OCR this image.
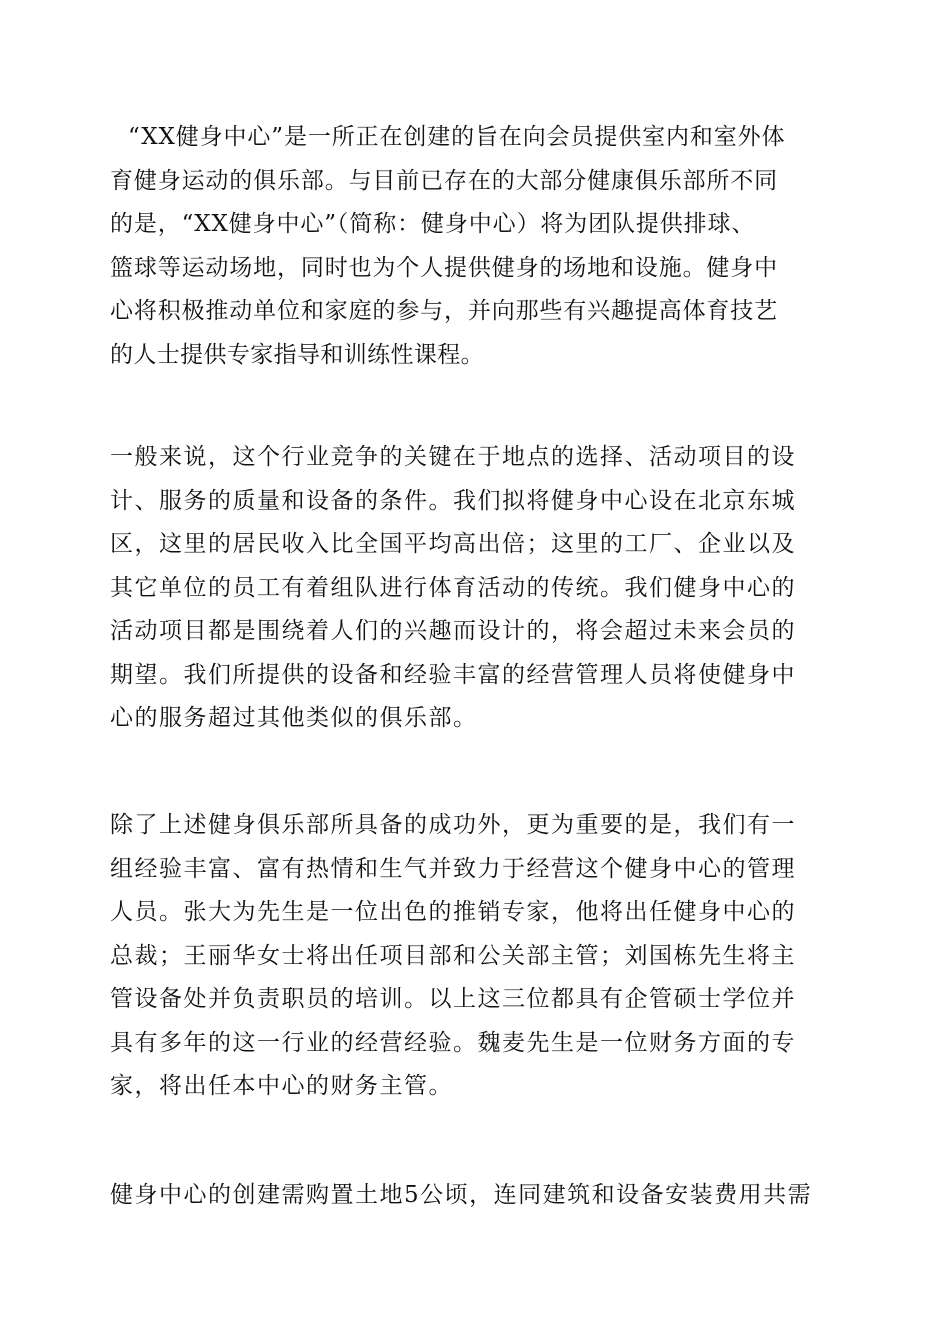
“XX健身中心”是一所正在创建的旨在向会员提供室内和室外体
育健身运动的俱乐部。与目前已存在的大部分健康俱乐部所不同
的是，“XX健身中心”（简称：健身中心）将为团队提供排球、
篮球等运动场地，同时也为个人提供健身的场地和设施。健身中
心将积极推动单位和家庭的参与，并向那些有兴趣提高体育技艺
的人士提供专家指导和训练性课程。

一般来说，这个行业竞争的关键在于地点的选择、活动项目的设
计、服务的质量和设备的条件。我们拟将健身中心设在北京东城
区，这里的居民收入比全国平均高出倍；这里的工厂、企业以及
其它单位的员工有着组队进行体育活动的传统。我们健身中心的
活动项目都是围绕着人们的兴趣而设计的，将会超过未来会员的
期望。我们所提供的设备和经验丰富的经营管理人员将使健身中
心的服务超过其他类似的俱乐部。

除了上述健身俱乐部所具备的成功外，更为重要的是，我们有一
组经验丰富、富有热情和生气并致力于经营这个健身中心的管理
人员。张大为先生是一位出色的推销专家，他将出任健身中心的
总裁；王丽华女士将出任项目部和公关部主管；刘国栋先生将主
管设备处并负责职员的培训。以上这三位都具有企管硕士学位并
具有多年的这一行业的经营经验。魏麦先生是一位财务方面的专
家，将出任本中心的财务主管。

健身中心的创建需购置土地5公顷，连同建筑和设备安装费用共需
